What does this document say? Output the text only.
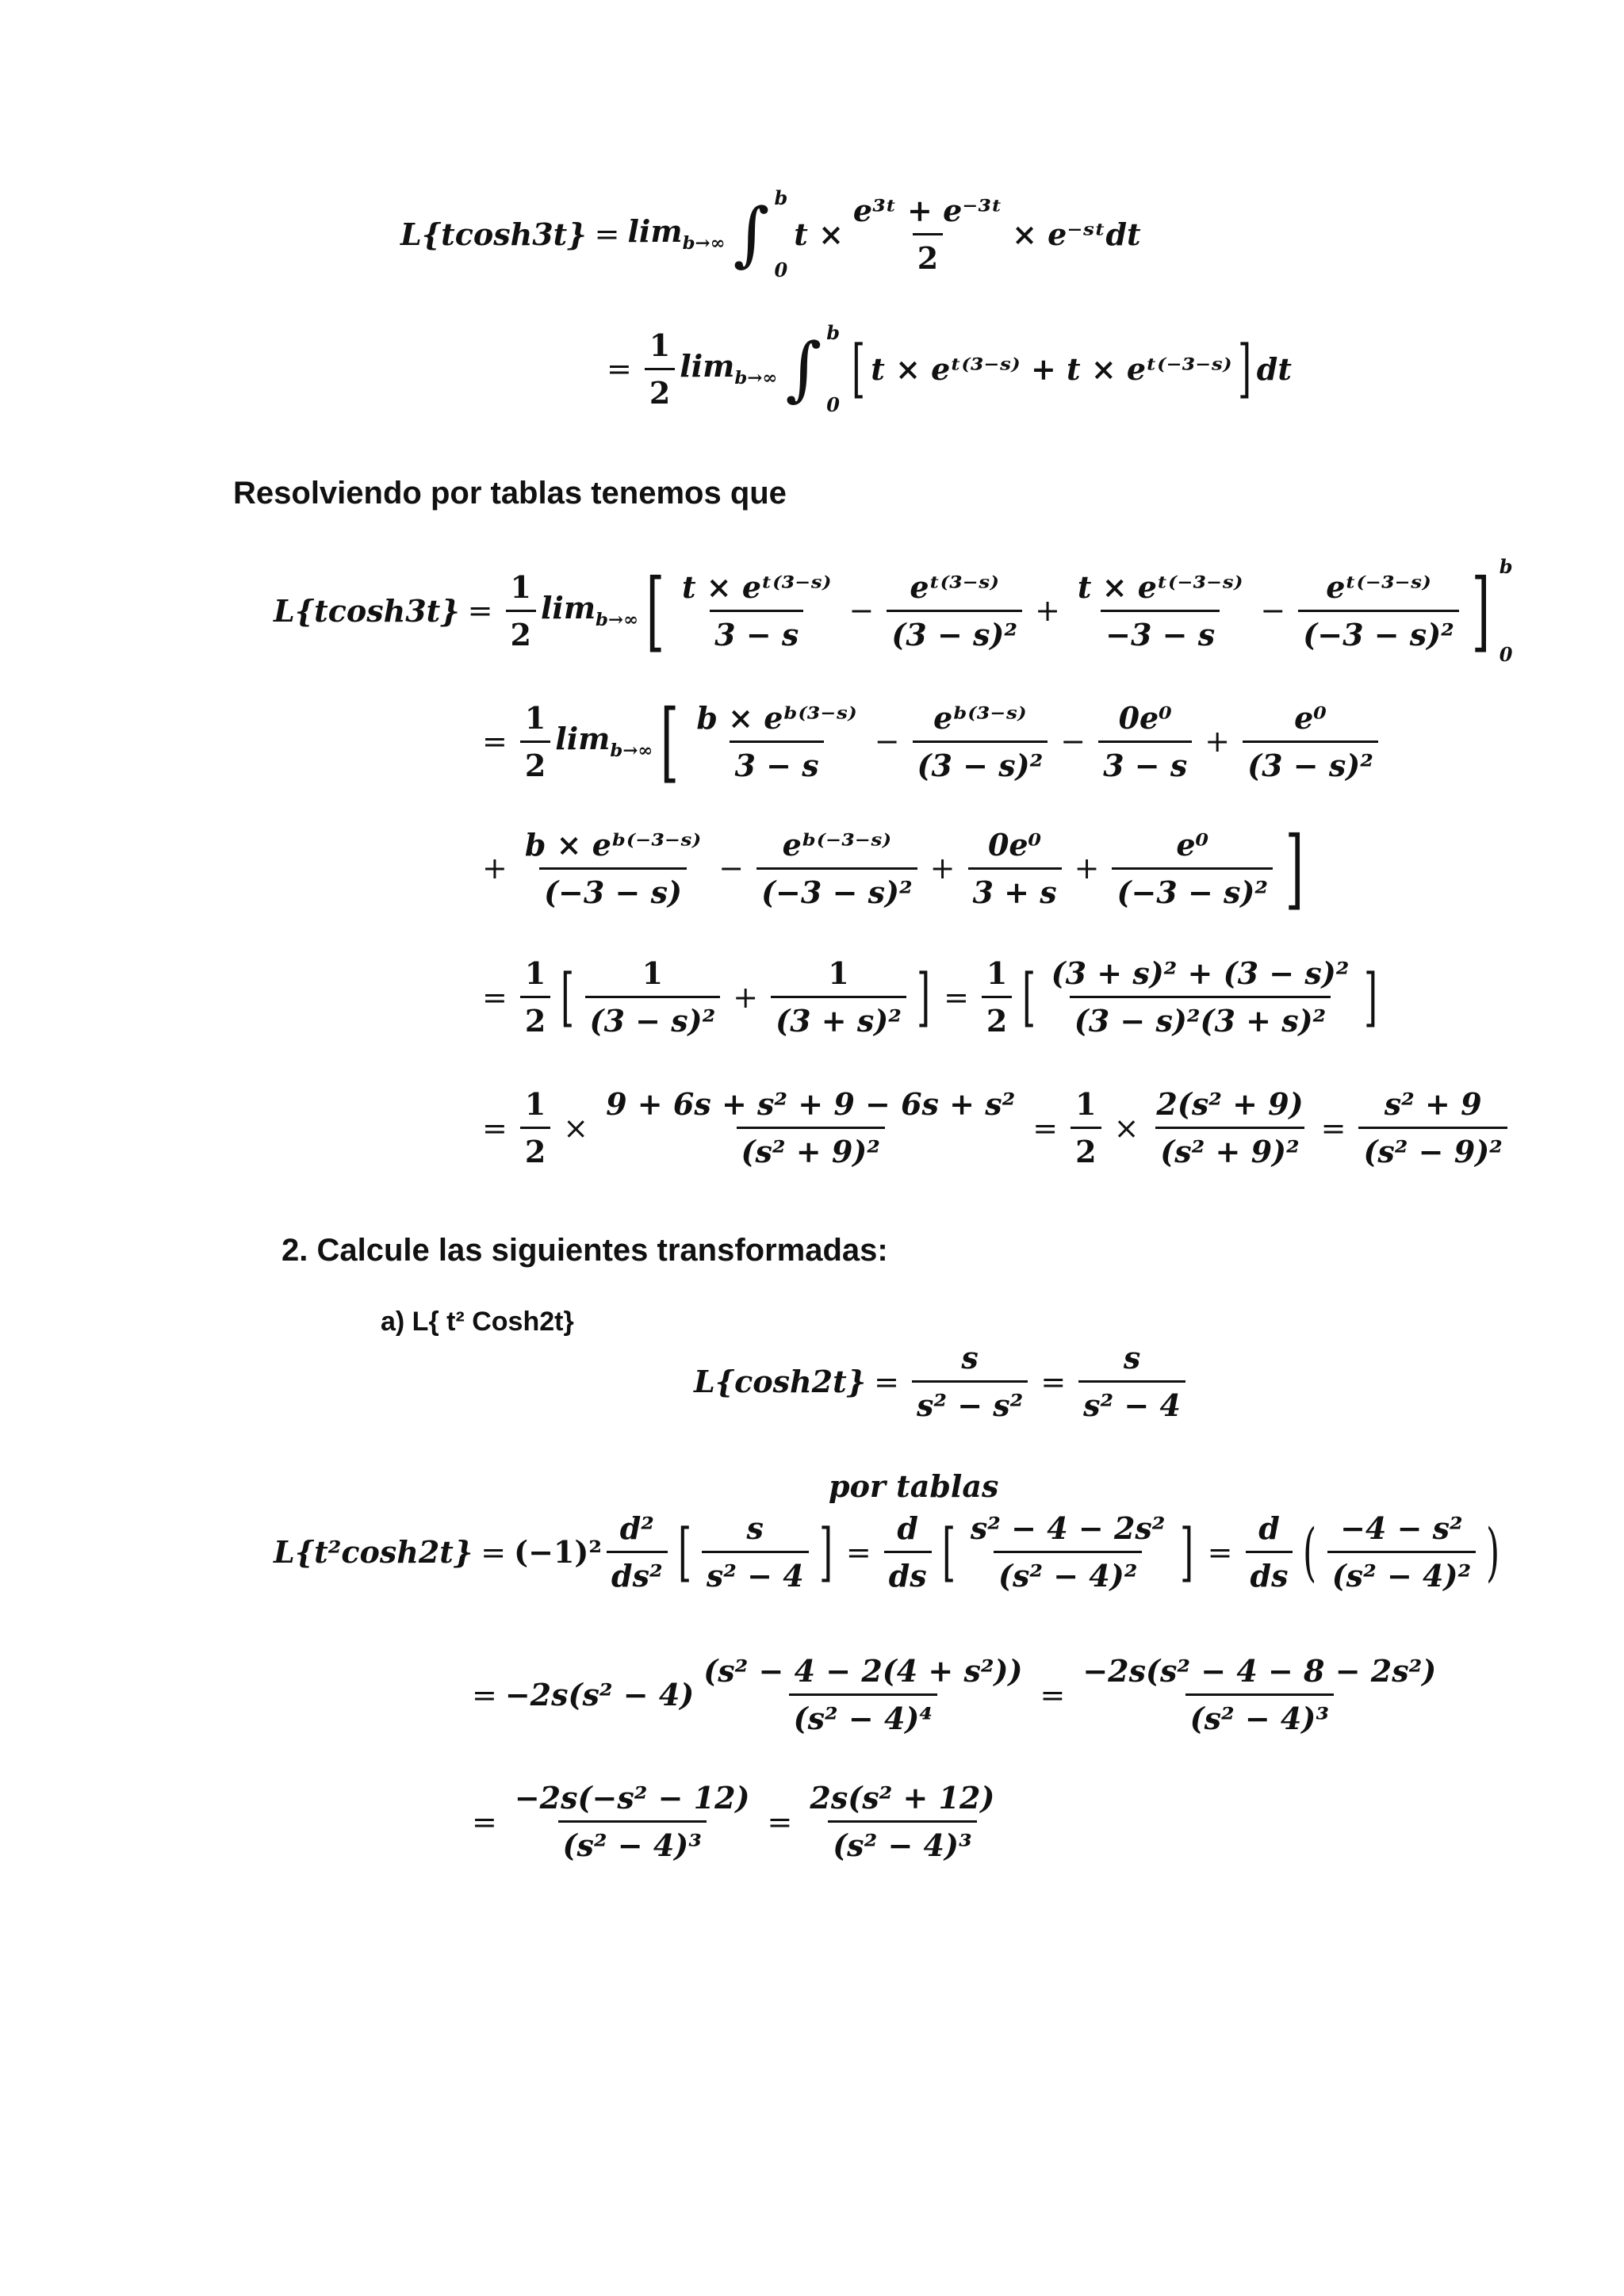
$L\{tcosh3t\} = \lim_{b\to\infty}$ ∫ b
0
$t \times \frac{\text{e³ᵗ + e⁻³ᵗ}}{2}$ × e⁻ˢᵗdt
= $\frac{1}{2} \lim_{b\to\infty}$ ∫ b
0 [ t × eᵗ⁽³⁻ˢ⁾ + t × eᵗ⁽⁻³⁻ˢ⁾ ] dt
Resolviendo por tablas tenemos que
$L\{tcosh3t\} = \frac{1}{2} \lim_{b\to\infty}$ [ $\frac{\text{t × eᵗ⁽³⁻ˢ⁾}}{3 - s} - \frac{\text{eᵗ⁽³⁻ˢ⁾}}{\text{(3 − s)²}} + \frac{\text{t × eᵗ⁽⁻³⁻ˢ⁾}}{-3 - s} - \frac{\text{eᵗ⁽⁻³⁻ˢ⁾}}{\text{(−3 − s)²}}$ ] b
0
= $\frac{1}{2} \lim_{b\to\infty}$ [ $\frac{\text{b × eᵇ⁽³⁻ˢ⁾}}{3 - s} - \frac{\text{eᵇ⁽³⁻ˢ⁾}}{\text{(3 − s)²}} - \frac{\text{0e⁰}}{3 - s} + \frac{\text{e⁰}}{\text{(3 − s)²}}$
+ $\frac{\text{b × eᵇ⁽⁻³⁻ˢ⁾}}{(-3 - s)} - \frac{\text{eᵇ⁽⁻³⁻ˢ⁾}}{\text{(−3 − s)²}} + \frac{\text{0e⁰}}{3 + s} + \frac{\text{e⁰}}{\text{(−3 − s)²}}$ ]
= $\frac{1}{2}$ [ $\frac{1}{\text{(3 − s)²}} + \frac{1}{\text{(3 + s)²}}$ ] = $\frac{1}{2}$ [ $\frac{\text{(3 + s)² + (3 − s)²}}{\text{(3 − s)²(3 + s)²}}$ ]
= $\frac{1}{2} \times \frac{\text{9 + 6s + s² + 9 − 6s + s²}}{\text{(s² + 9)²}} = \frac{1}{2} \times \frac{\text{2(s² + 9)}}{\text{(s² + 9)²}} = \frac{\text{s² + 9}}{\text{(s² − 9)²}}$
2. Calcule las siguientes transformadas:
a) L{ t² Cosh2t}
$L\{\cosh 2t\} = \frac{s}{\text{s² − s²}} = \frac{s}{\text{s² − 4}}$
por tablas
$L\{t^2\cosh 2t\} = (-1)^2 \frac{\text{d²}}{\text{ds²}}$ [ $\frac{s}{\text{s² − 4}}$ ] = $\frac{d}{ds}$ [ $\frac{\text{s² − 4 − 2s²}}{\text{(s² − 4)²}}$ ] = $\frac{d}{ds}$ ( $\frac{\text{−4 − s²}}{\text{(s² − 4)²}}$ )
= $-2s(s^2 - 4) \frac{\text{(s² − 4 − 2(4 + s²))}}{\text{(s² − 4)⁴}} = \frac{\text{−2s(s² − 4 − 8 − 2s²)}}{\text{(s² − 4)³}}$
= $\frac{\text{−2s(−s² − 12)}}{\text{(s² − 4)³}} = \frac{\text{2s(s² + 12)}}{\text{(s² − 4)³}}$
